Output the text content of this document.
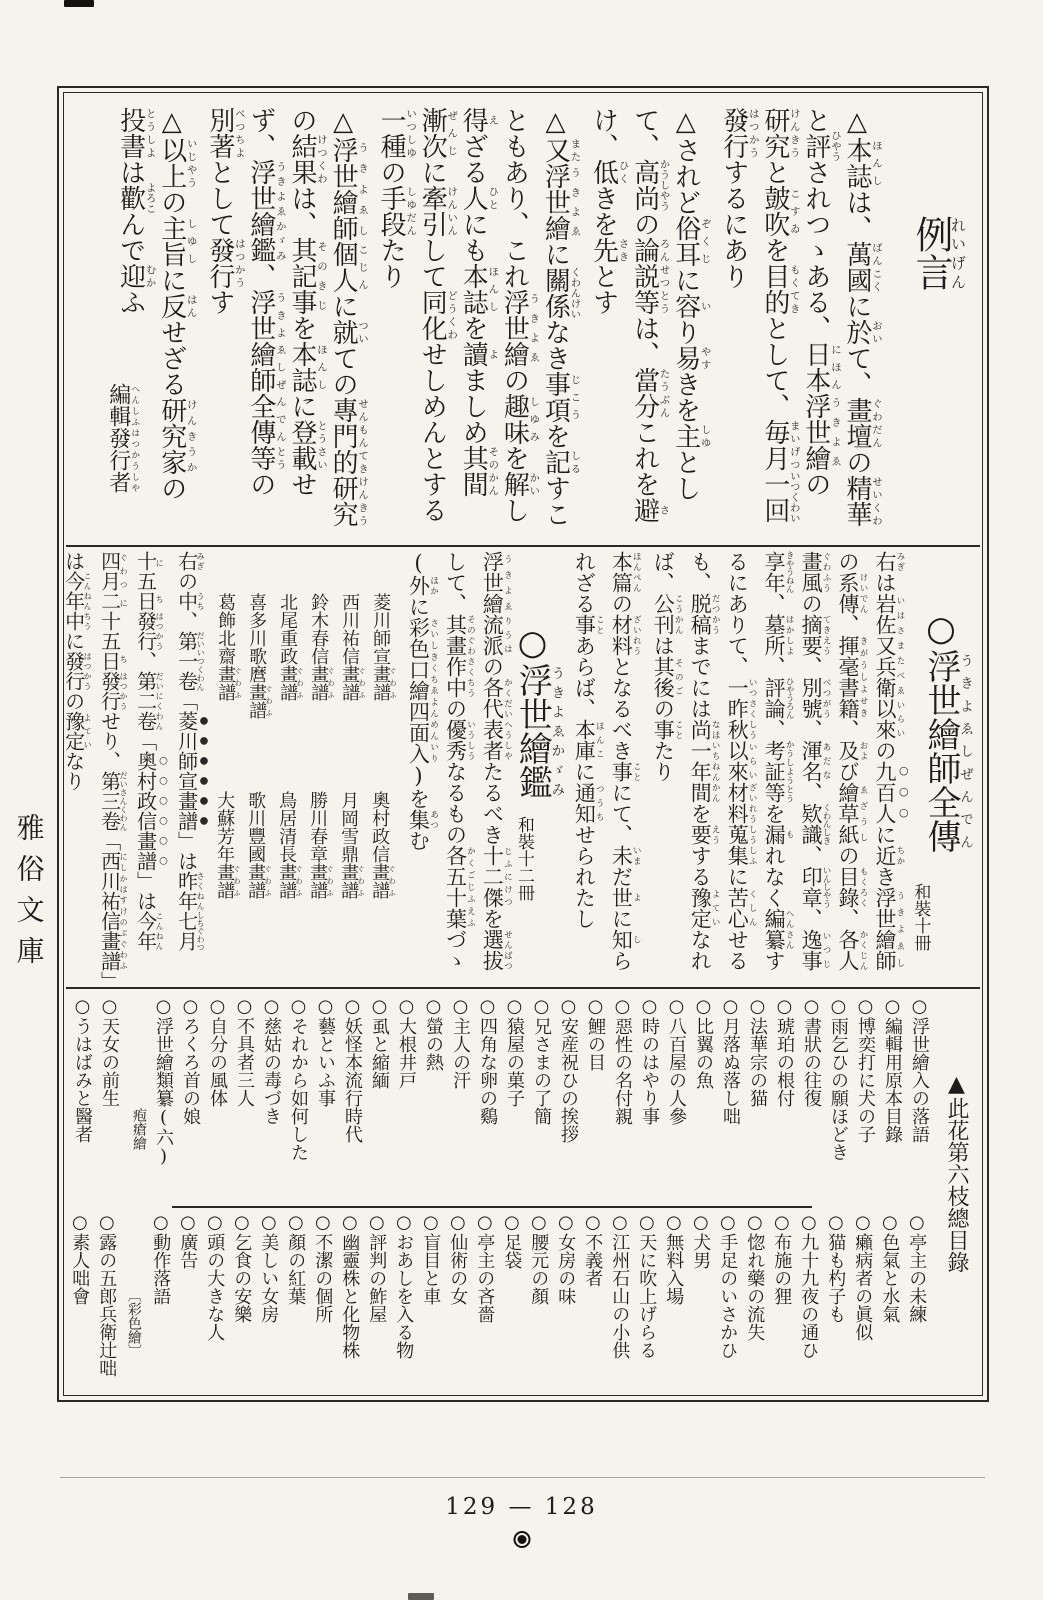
例言れいげん

△本誌ほんしは、萬國ばんこくに於おいて、畫壇ぐわだんの精華せいくわと評ひやうされつゝある、日本にほん浮世繪うきよゑの研究けんきうと皷吹こすゐを目的もくてきとして、毎月まいげつ一回いつくわい發行はつかうするにあり

△されど俗耳ぞくじに容いり易やすきを主しゆとして、高尚かうしやうの論説ろんせつ等とうは、當分たうぶんこれを避さけ、低ひくきを先さきとす

△又また浮世繪うきよゑに關係くわんけいなき事項じこうを記しるすこともあり、これ浮世繪うきよゑの趣味しゆみを解かいし得えざる人ひとにも本誌ほんしを讀よましめ其間そのかん漸次ぜんじに牽引けんいんして同化どうくわせしめんとする一種いつしゆの手段しゆだんたり

△浮世繪師うきよゑし個人こじんに就ついての專門的せんもんてき研究けんきうの結果けつくわは、其記事そのきじを本誌ほんしに登載とうさいせず、浮世繪鑑うきよゑかゞみ、浮世繪師全傳うきよゑしぜんでん等とうの別著べつちよとして發行はつかうす

△以上いじやうの主旨しゆしに反はんせざる研究家けんきうかの投書とうしよは歡よろこんで迎むかふ

編輯發行者へんしふはつかうしや
○浮世繪師全傳うきよゑしぜんでん
和裝十冊

右 みぎは岩佐又兵衛 いはさまたべゑ以來 いらいの九百人に近 ちかき浮世繪師 うきよゑしの系傳 けいでん、揮毫書籍 きがうしよせき、及 および繪草紙 ゑざうしの目錄 もくろく、各人 かくじん畫風 ぐわふうの摘要 てきえう、別號 べつがう、渾名 あだな、欵識 くわんしき、印章 いんしやう、逸事 いつじ享年 きやうねん、墓所 はかしよ、評論 ひやうろん、考証等 かうしようとうを漏 もれなく編纂 へんさんするにありて、一昨秋 いつさくしう以來 いらい材料 ざいれう蒐集 しうしふに苦心 くしんせるも、脱稿 だつかうまでには尚 なほ一年間 いちねんかんを要 えうする豫定 よていなれば、公刊 こうかんは其後 そのごの事 ことたり

本篇 ほんぺんの材料 ざいれうとなるべき事 ことにて、未 いまだ世 よに知 しられざる事 ことあらば、本庫 ほんこに通知 つうちせられたし

○浮世繪鑑うきよゑかゞみ
和裝十二冊

浮世繪 うきよゑ流派 りうはの各代表者 かくだいへうしやたるべき十二傑 じふにけつを選拔 せんばつして、其畫作中 そのぐわさくちうの優秀 いうしうなるもの各五十葉 かくごじふえふづゝ(外 ほかに彩色口繪四面入 さいしきくちゑよんめんいり)を集 あつむ

菱川師宣畫譜ぐわふ
奧村政信畫譜ぐわふ
西川祐信畫譜ぐわふ
月岡雪鼎畫譜ぐわふ
鈴木春信畫譜ぐわふ
勝川春章畫譜ぐわふ
北尾重政畫譜ぐわふ
鳥居清長畫譜ぐわふ
喜多川歌麿畫譜ぐわふ
歌川豐國畫譜ぐわふ
葛飾北齋畫譜ぐわふ
大蘇芳年畫譜ぐわふ

右みぎの中うち、第一卷だいいつくわん「菱川師宣畫譜」は昨年さくねん七月しちぐわつ十五日にち發行はつかう、第二卷だいにくわん「奧村政信畫譜」は今年こんねん四月ぐわつ二十五日にち發行はつかうせり、第三卷だいさんくわん「西川祐信畫譜にしかはすけのぶぐわふ」は今年中こんねんちうに發行はつかうの豫定よていなり

雅俗文庫
▲此花第六枝總目錄
○浮世繪入の落語
○亭主の未練
○編輯用原本目錄
○色氣と水氣
○博奕打に犬の子
○癩病者の眞似
○雨乞ひの願ほどき
○猫も杓子も
○書狀の往復
○九十九夜の通ひ
○琥珀の根付
○布施の狸
○法華宗の猫
○惚れ藥の流失
○月落ぬ落し咄
○手足のいさかひ
○比翼の魚
○犬男
○八百屋の人參
○無料入場
○時のはやり事
○天に吹上げらる
○惡性の名付親
○江州石山の小供
○鯉の目
○不義者
○安産祝ひの挨拶
○女房の味
○兄さまの了簡
○腰元の顏
○猿屋の菓子
○足袋
○四角な卵の鷄
○亭主の吝嗇
○主人の汗
○仙術の女
○螢の熱
○盲目と車
○大根井戸
○おあしを入る物
○虱と縮緬
○評判の鮓屋
○妖怪本流行時代
○幽靈株と化物株
○藝といふ事
○不潔の個所
○それから如何した
○顏の紅葉
○慈姑の毒づき
○美しい女房
○不具者三人
○乞食の安樂
○自分の風体
○頭の大きな人
○ろくろ首の娘
○廣告
○浮世繪類纂(六)
○動作落語
疱瘡繪
〔彩色繪〕
○天女の前生
○露の五郎兵衛辻咄
○うはばみと醫者
○素人咄會
129 — 128
